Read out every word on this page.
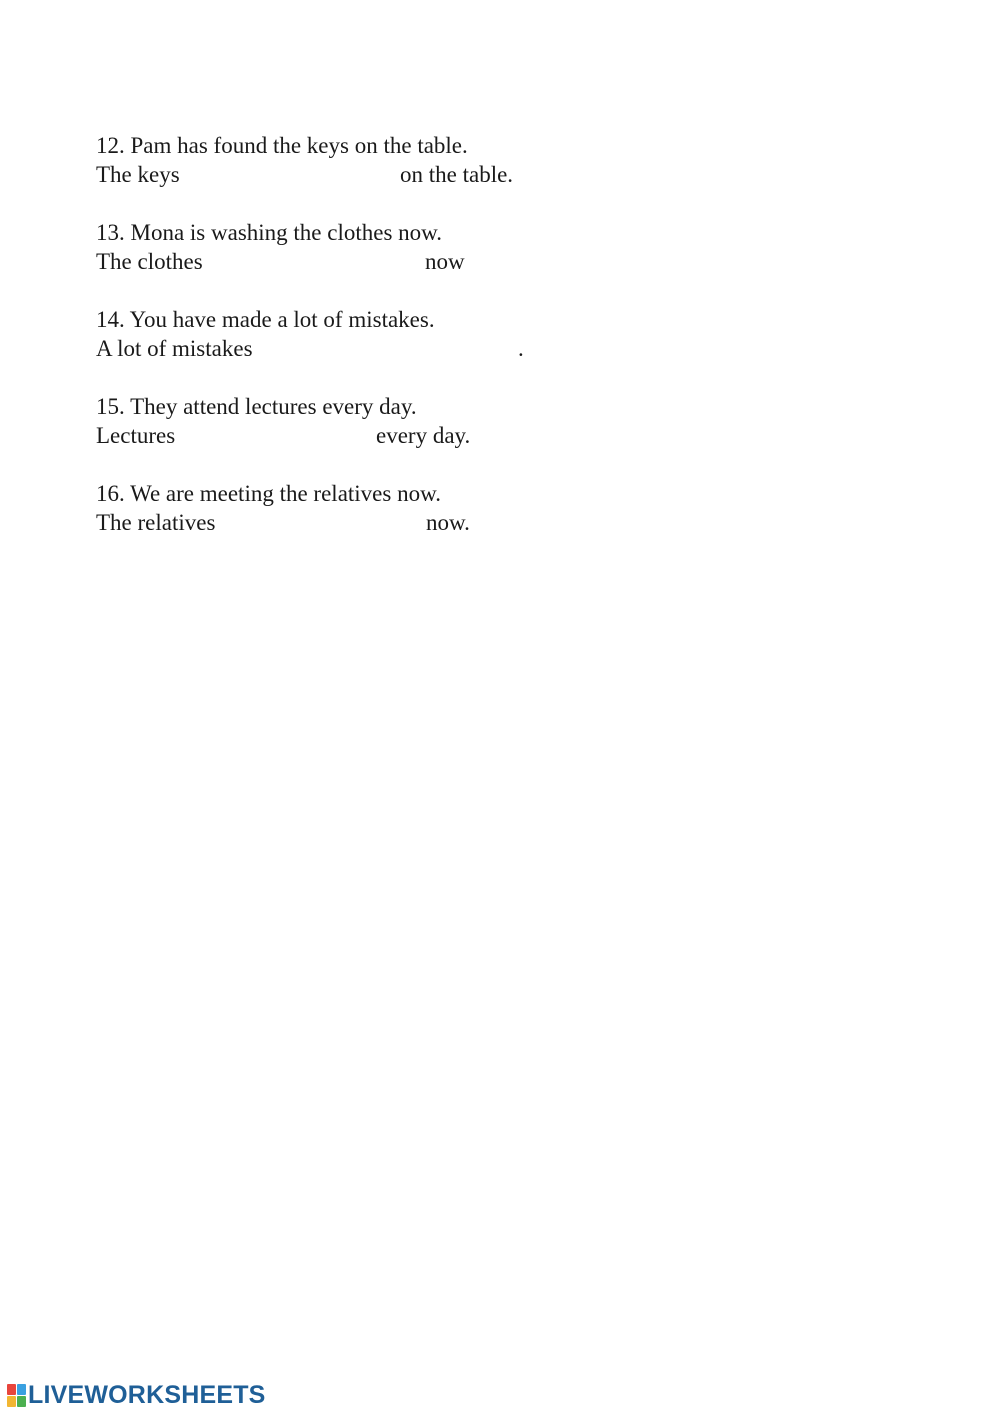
12. Pam has found the keys on the table.
The keys	on the table.
13. Mona is washing the clothes now.
The clothes	now
14. You have made a lot of mistakes.
A lot of mistakes	.
15. They attend lectures every day.
Lectures	every day.
16. We are meeting the relatives now.
The relatives	now.
LIVEWORKSHEETS
